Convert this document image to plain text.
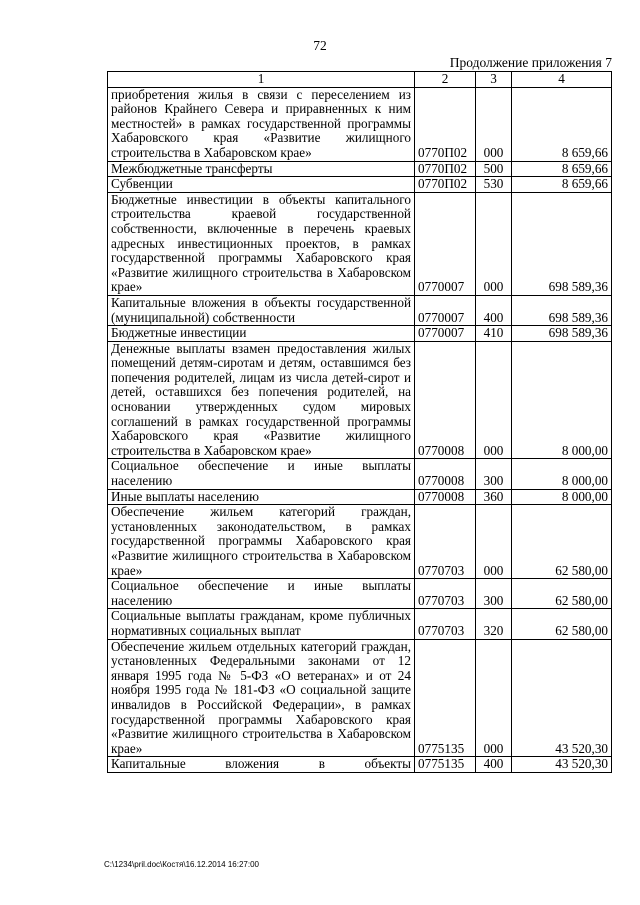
72
Продолжение приложения 7
1	2	3	4
приобретения жилья в связи с переселением из районов Крайнего Севера и приравненных к ним местностей» в рамках государственной программы Хабаровского края «Развитие жилищного строительства в Хабаровском крае»	0770П02	000	8 659,66
Межбюджетные трансферты	0770П02	500	8 659,66
Субвенции	0770П02	530	8 659,66
Бюджетные инвестиции в объекты капитального строительства краевой государственной собственности, включенные в перечень краевых адресных инвестиционных проектов, в рамках государственной программы Хабаровского края «Развитие жилищного строительства в Хабаровском крае»	0770007	000	698 589,36
Капитальные вложения в объекты государственной (муниципальной) собственности	0770007	400	698 589,36
Бюджетные инвестиции	0770007	410	698 589,36
Денежные выплаты взамен предоставления жилых помещений детям-сиротам и детям, оставшимся без попечения родителей, лицам из числа детей-сирот и детей, оставшихся без попечения родителей, на основании утвержденных судом мировых соглашений в рамках государственной программы Хабаровского края «Развитие жилищного строительства в Хабаровском крае»	0770008	000	8 000,00
Социальное обеспечение и иные выплаты населению	0770008	300	8 000,00
Иные выплаты населению	0770008	360	8 000,00
Обеспечение жильем категорий граждан, установленных законодательством, в рамках государственной программы Хабаровского края «Развитие жилищного строительства в Хабаровском крае»	0770703	000	62 580,00
Социальное обеспечение и иные выплаты населению	0770703	300	62 580,00
Социальные выплаты гражданам, кроме публичных нормативных социальных выплат	0770703	320	62 580,00
Обеспечение жильем отдельных категорий граждан, установленных Федеральными законами от 12 января 1995 года № 5-ФЗ «О ветеранах» и от 24 ноября 1995 года № 181-ФЗ «О социальной защите инвалидов в Российской Федерации», в рамках государственной программы Хабаровского края «Развитие жилищного строительства в Хабаровском крае»	0775135	000	43 520,30
Капитальные вложения в объекты	0775135	400	43 520,30
C:\1234\pril.doc\Костя\16.12.2014 16:27:00
